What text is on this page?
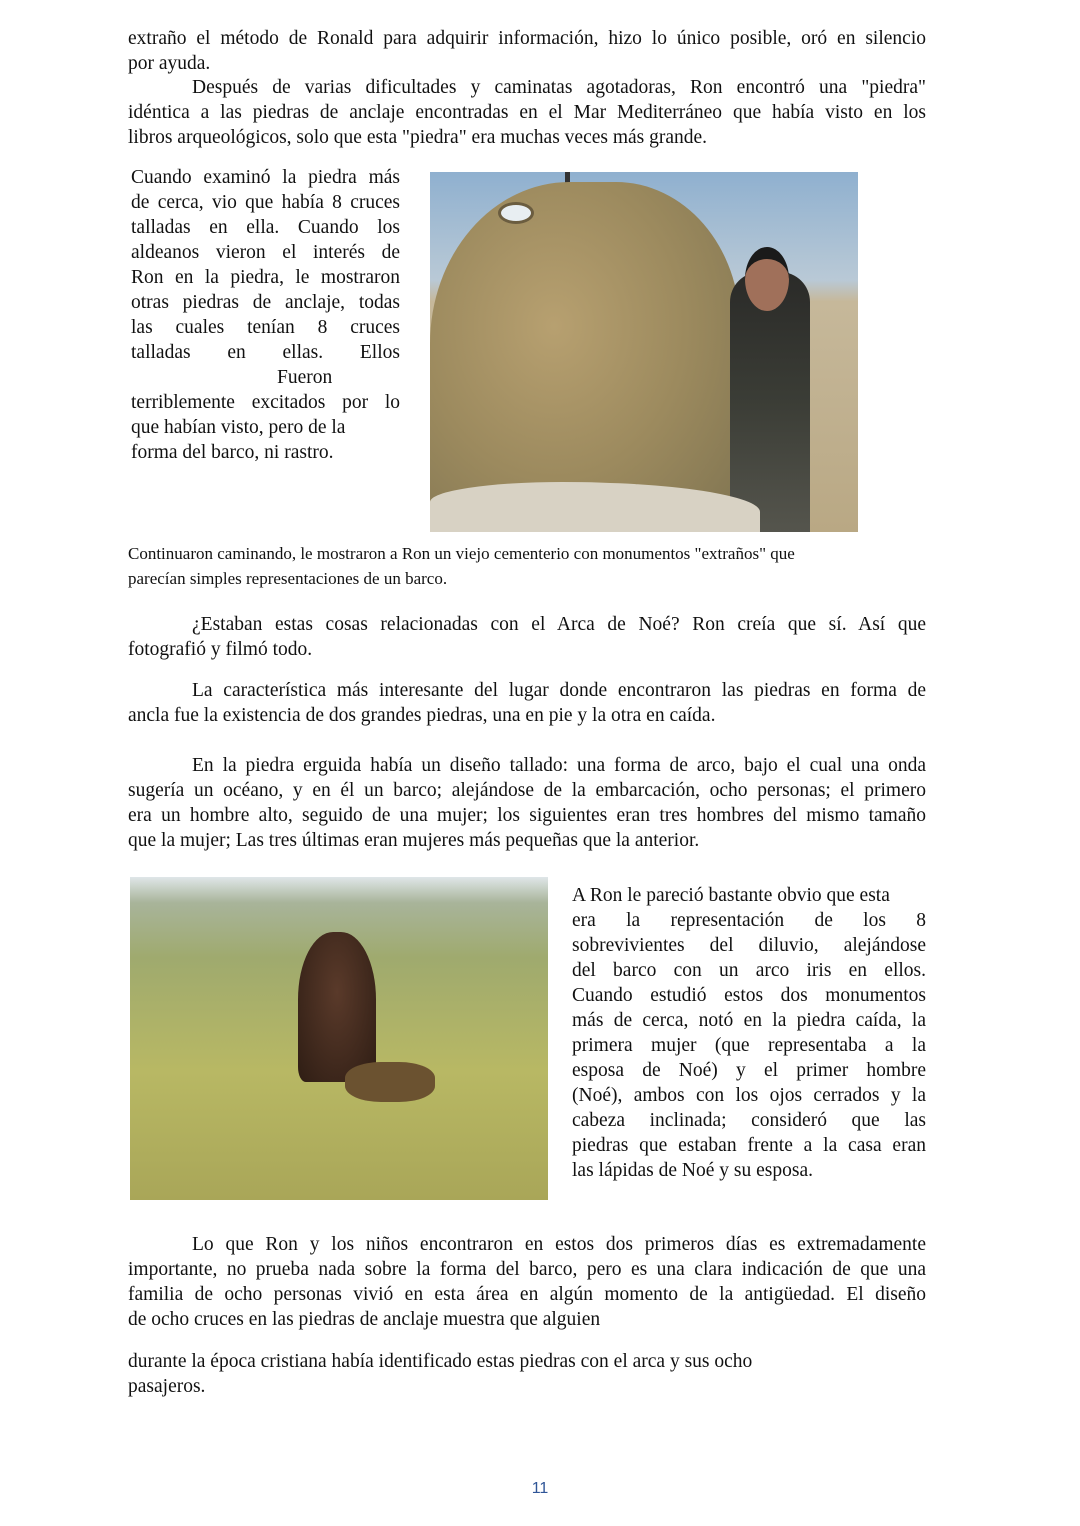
extraño el método de Ronald para adquirir información, hizo lo único posible, oró en silencio
por ayuda.
Después de varias dificultades y caminatas agotadoras, Ron encontró una "piedra"
idéntica a las piedras de anclaje encontradas en el Mar Mediterráneo que había visto en los
libros arqueológicos, solo que esta "piedra" era muchas veces más grande.
Cuando examinó la piedra más
de cerca, vio que había 8 cruces
talladas en ella. Cuando los
aldeanos vieron el interés de
Ron en la piedra, le mostraron
otras piedras de anclaje, todas
las cuales tenían 8 cruces
talladas en ellas. Ellos
Fueron
terriblemente excitados por lo
que habían visto, pero de la
forma del barco, ni rastro.
Continuaron caminando, le mostraron a Ron un viejo cementerio con monumentos "extraños" que
parecían simples representaciones de un barco.
¿Estaban estas cosas relacionadas con el Arca de Noé? Ron creía que sí. Así que
fotografió y filmó todo.
La característica más interesante del lugar donde encontraron las piedras en forma de
ancla fue la existencia de dos grandes piedras, una en pie y la otra en caída.
En la piedra erguida había un diseño tallado: una forma de arco, bajo el cual una onda
sugería un océano, y en él un barco; alejándose de la embarcación, ocho personas; el primero
era un hombre alto, seguido de una mujer; los siguientes eran tres hombres del mismo tamaño
que la mujer; Las tres últimas eran mujeres más pequeñas que la anterior.
A Ron le pareció bastante obvio que esta
era la representación de los 8
sobrevivientes del diluvio, alejándose
del barco con un arco iris en ellos.
Cuando estudió estos dos monumentos
más de cerca, notó en la piedra caída, la
primera mujer (que representaba a la
esposa de Noé) y el primer hombre
(Noé), ambos con los ojos cerrados y la
cabeza inclinada; consideró que las
piedras que estaban frente a la casa eran
las lápidas de Noé y su esposa.
Lo que Ron y los niños encontraron en estos dos primeros días es extremadamente
importante, no prueba nada sobre la forma del barco, pero es una clara indicación de que una
familia de ocho personas vivió en esta área en algún momento de la antigüedad. El diseño
de ocho cruces en las piedras de anclaje muestra que alguien
durante la época cristiana había identificado estas piedras con el arca y sus ocho
pasajeros.
11
